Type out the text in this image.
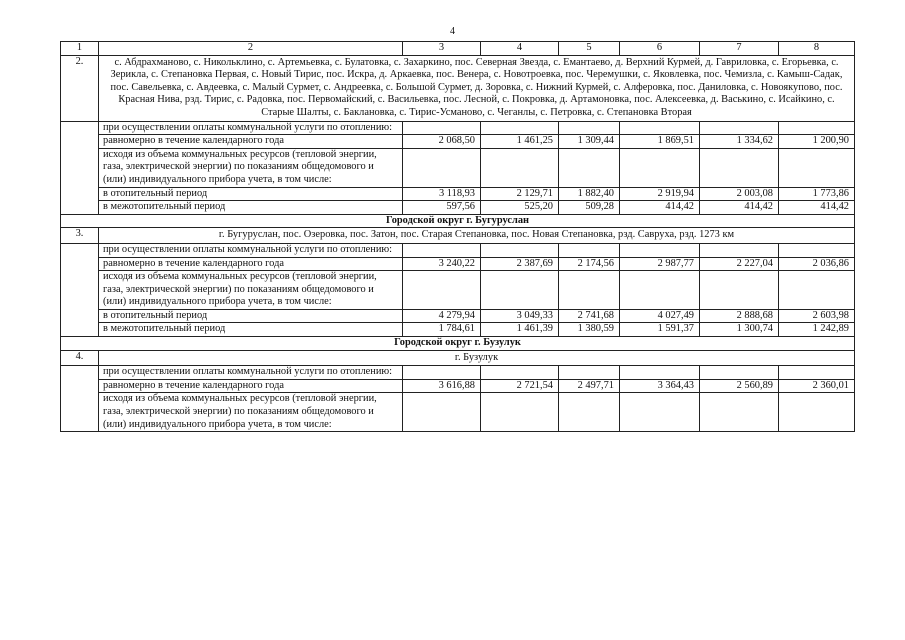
4
1	2	3	4	5	6	7	8
2.	с. Абдрахманово, с. Никольклино, с. Артемьевка, с. Булатовка, с. Захаркино, пос. Северная Звезда, с. Емантаево, д. Верхний Курмей, д. Гавриловка, с. Егорьевка, с. Зерикла, с. Степановка Первая, с. Новый Тирис, пос. Искра, д. Аркаевка, пос. Венера, с. Новотроевка, пос. Черемушки, с. Яковлевка, пос. Чемизла, с. Камыш-Садак, пос. Савельевка, с. Авдеевка, с. Малый Сурмет, с. Андреевка, с. Большой Сурмет, д. Зоровка, с. Нижний Курмей, с. Алферовка, пос. Даниловка, с. Новоякупово, пос. Красная Нива, рзд. Тирис, с. Радовка, пос. Первомайский, с. Васильевка, пос. Лесной, с. Покровка, д. Артамоновка, пос. Алексеевка, д. Васькино, с. Исайкино, с. Старые Шалты, с. Баклановка, с. Тирис-Усманово, с. Чеганлы, с. Петровка, с. Степановка Вторая						
	при осуществлении оплаты коммунальной услуги по отоплению:						
	равномерно в течение календарного года	2 068,50	1 461,25	1 309,44	1 869,51	1 334,62	1 200,90
	исходя из объема коммунальных ресурсов (тепловой энергии, газа, электрической энергии) по показаниям общедомового и (или) индивидуального прибора учета, в том числе:						
	в отопительный период	3 118,93	2 129,71	1 882,40	2 919,94	2 003,08	1 773,86
	в межотопительный период	597,56	525,20	509,28	414,42	414,42	414,42
Городской округ г. Бугуруслан							
3.	г. Бугуруслан, пос. Озеровка, пос. Затон, пос. Старая Степановка, пос. Новая Степановка, рзд. Савруха, рзд. 1273 км						
	при осуществлении оплаты коммунальной услуги по отоплению:						
	равномерно в течение календарного года	3 240,22	2 387,69	2 174,56	2 987,77	2 227,04	2 036,86
	исходя из объема коммунальных ресурсов (тепловой энергии, газа, электрической энергии) по показаниям общедомового и (или) индивидуального прибора учета, в том числе:						
	в отопительный период	4 279,94	3 049,33	2 741,68	4 027,49	2 888,68	2 603,98
	в межотопительный период	1 784,61	1 461,39	1 380,59	1 591,37	1 300,74	1 242,89
Городской округ г. Бузулук							
4.	г. Бузулук						
	при осуществлении оплаты коммунальной услуги по отоплению:						
	равномерно в течение календарного года	3 616,88	2 721,54	2 497,71	3 364,43	2 560,89	2 360,01
	исходя из объема коммунальных ресурсов (тепловой энергии, газа, электрической энергии) по показаниям общедомового и (или) индивидуального прибора учета, в том числе:						
